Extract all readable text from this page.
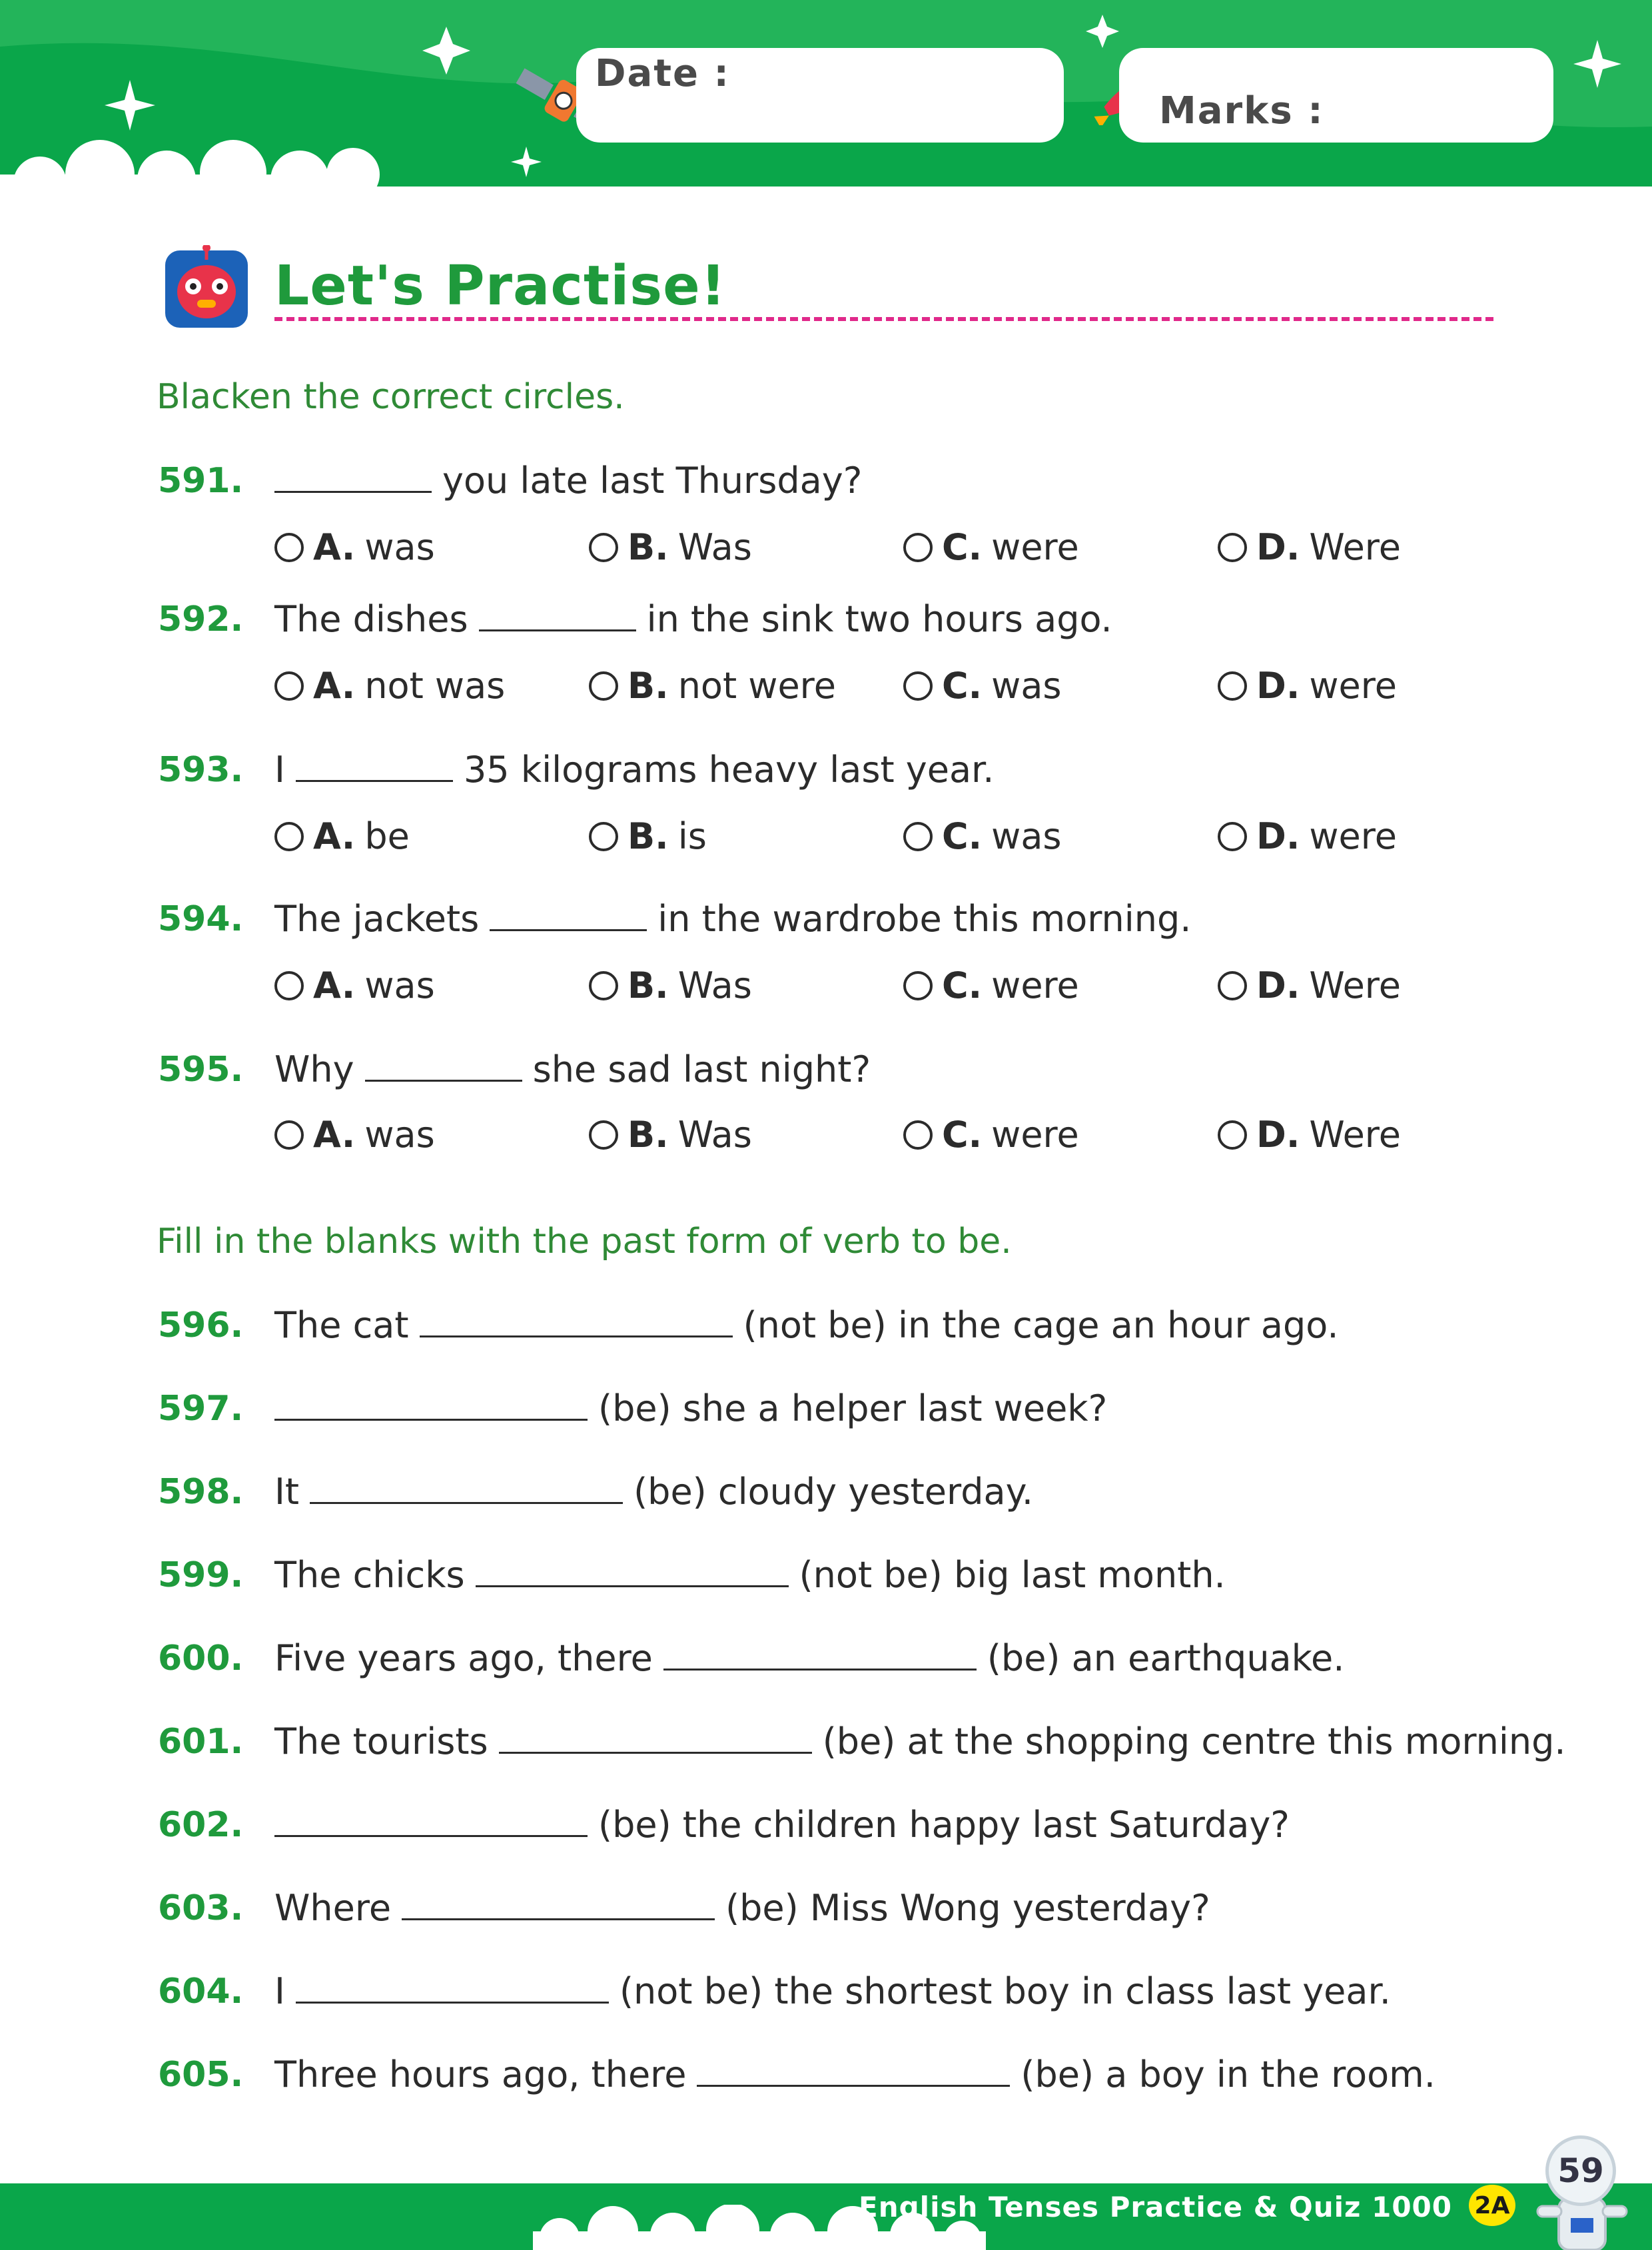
Date :
Marks :
Let's Practise!
Blacken the correct circles.
591.	you late last Thursday?
A. was	B. Was	C. were	D. Were
592. The dishes	in the sink two hours ago.
A. not was	B. not were	C. was	D. were
593. I	35 kilograms heavy last year.
A. be	B. is	C. was	D. were
594. The jackets	in the wardrobe this morning.
A. was	B. Was	C. were	D. Were
595. Why	she sad last night?
A. was	B. Was	C. were	D. Were
Fill in the blanks with the past form of verb to be.
596. The cat	(not be) in the cage an hour ago.
597.	(be) she a helper last week?
598. It	(be) cloudy yesterday.
599. The chicks	(not be) big last month.
600. Five years ago, there	(be) an earthquake.
601. The tourists	(be) at the shopping centre this morning.
602.	(be) the children happy last Saturday?
603. Where	(be) Miss Wong yesterday?
604. I	(not be) the shortest boy in class last year.
605. Three hours ago, there	(be) a boy in the room.
English Tenses Practice & Quiz 1000 2A
59
